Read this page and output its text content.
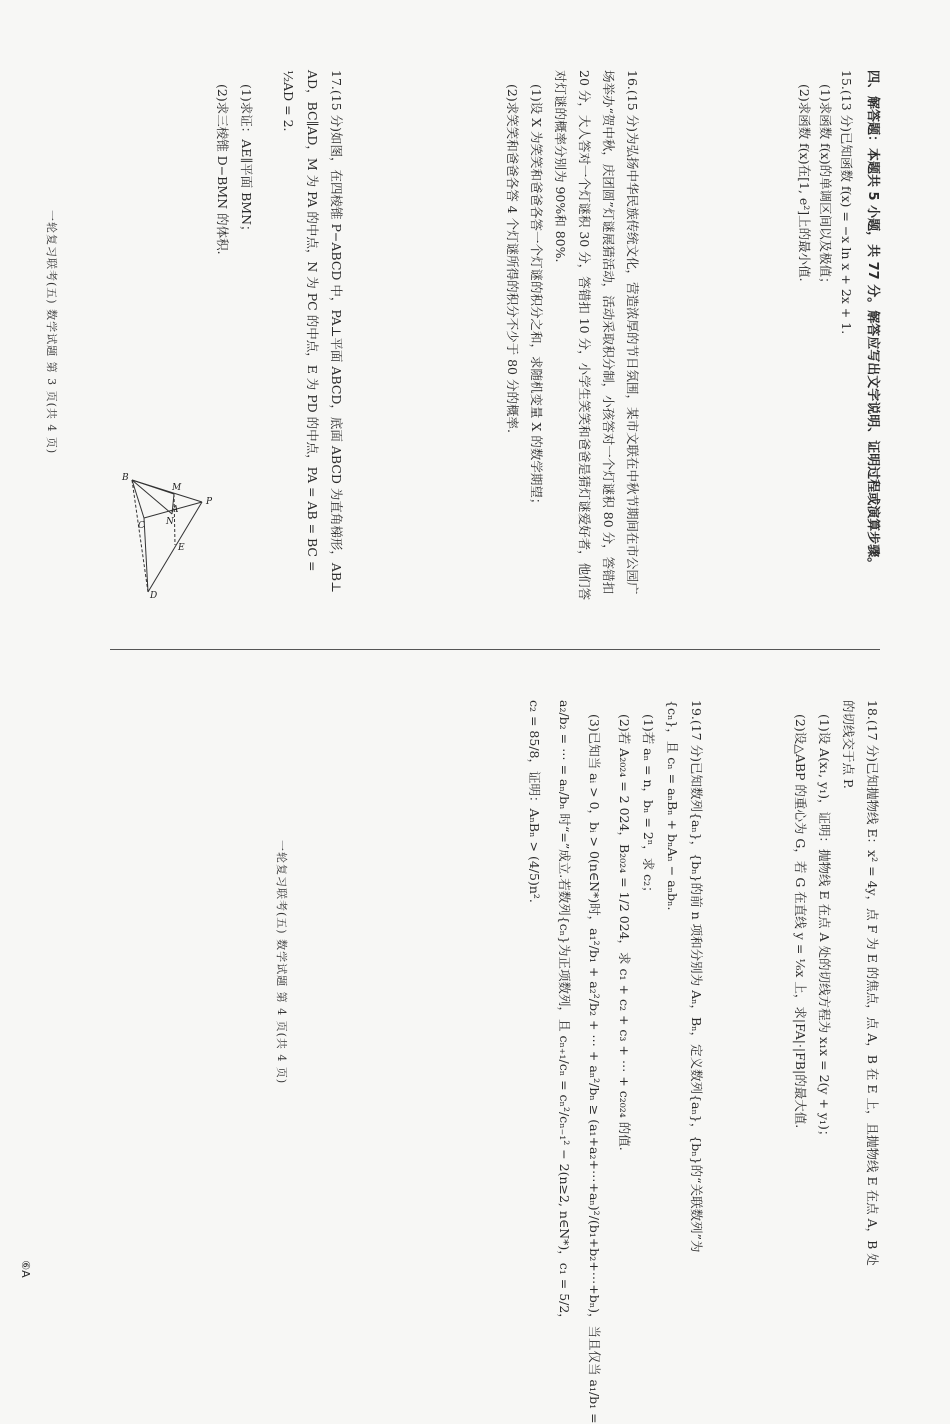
四、解答题：本题共 5 小题，共 77 分。解答应写出文字说明、证明过程或演算步骤。
15.(13 分)已知函数 f(x) = −x ln x + 2x + 1.
(1)求函数 f(x)的单调区间以及极值；
(2)求函数 f(x)在[1, e²]上的最小值.
16.(15 分)为弘扬中华民族传统文化，营造浓厚的节日氛围，某市文联在中秋节期间在市公园广
场举办“贺中秋，庆团圆”灯谜展猜活动，活动采取积分制，小孩答对一个灯谜积 80 分，答错扣
20 分，大人答对一个灯谜积 30 分，答错扣 10 分，小学生笑笑和爸爸是猜灯谜爱好者，他们答
对灯谜的概率分别为 90%和 80%.
(1)设 X 为笑笑和爸爸各答一个灯谜的积分之和，求随机变量 X 的数学期望；
(2)求笑笑和爸爸各答 4 个灯谜所得的积分不少于 80 分的概率.
17.(15 分)如图，在四棱锥 P−ABCD 中，PA⊥平面 ABCD，底面 ABCD 为直角梯形，AB⊥
AD，BC∥AD，M 为 PA 的中点，N 为 PC 的中点，E 为 PD 的中点，PA = AB = BC =
½AD = 2.
(1)求证：AE∥平面 BMN；
(2)求三棱锥 D−BMN 的体积.
一轮复习联考(五) 数学试题 第 3 页(共 4 页)
P
M
N
E
A
B
C
D
18.(17 分)已知抛物线 E：x² = 4y，点 F 为 E 的焦点，点 A，B 在 E 上，且抛物线 E 在点 A，B 处
的切线交于点 P.
(1)设 A(x₁, y₁)，证明：抛物线 E 在点 A 处的切线方程为 x₁x = 2(y + y₁)；
(2)设△ABP 的重心为 G，若 G 在直线 y = ⅙x 上，求|FA|·|FB|的最大值.
19.(17 分)已知数列{aₙ}，{bₙ}的前 n 项和分别为 Aₙ，Bₙ，定义数列{aₙ}，{bₙ}的“关联数列”为
{cₙ}，且 cₙ = aₙBₙ + bₙAₙ − aₙbₙ.
(1)若 aₙ = n，bₙ = 2ⁿ，求 c₂；
(2)若 A₂₀₂₄ = 2 024，B₂₀₂₄ = 1/2 024，求 c₁ + c₂ + c₃ + ⋯ + c₂₀₂₄ 的值.
(3)已知当 aᵢ > 0，bᵢ > 0(n∈N*)时，a₁²/b₁ + a₂²/b₂ + ⋯ + aₙ²/bₙ ≥ (a₁+a₂+⋯+aₙ)²/(b₁+b₂+⋯+bₙ)，当且仅当 a₁/b₁ =
a₂/b₂ = ⋯ = aₙ/bₙ 时“=”成立.若数列{cₙ}为正项数列，且 cₙ₊₁/cₙ = cₙ²/cₙ₋₁² − 2(n≥2, n∈N*)，c₁ = 5/2，
c₂ = 85/8，证明：AₙBₙ > (4/5)n².
一轮复习联考(五) 数学试题 第 4 页(共 4 页)
⑥A
